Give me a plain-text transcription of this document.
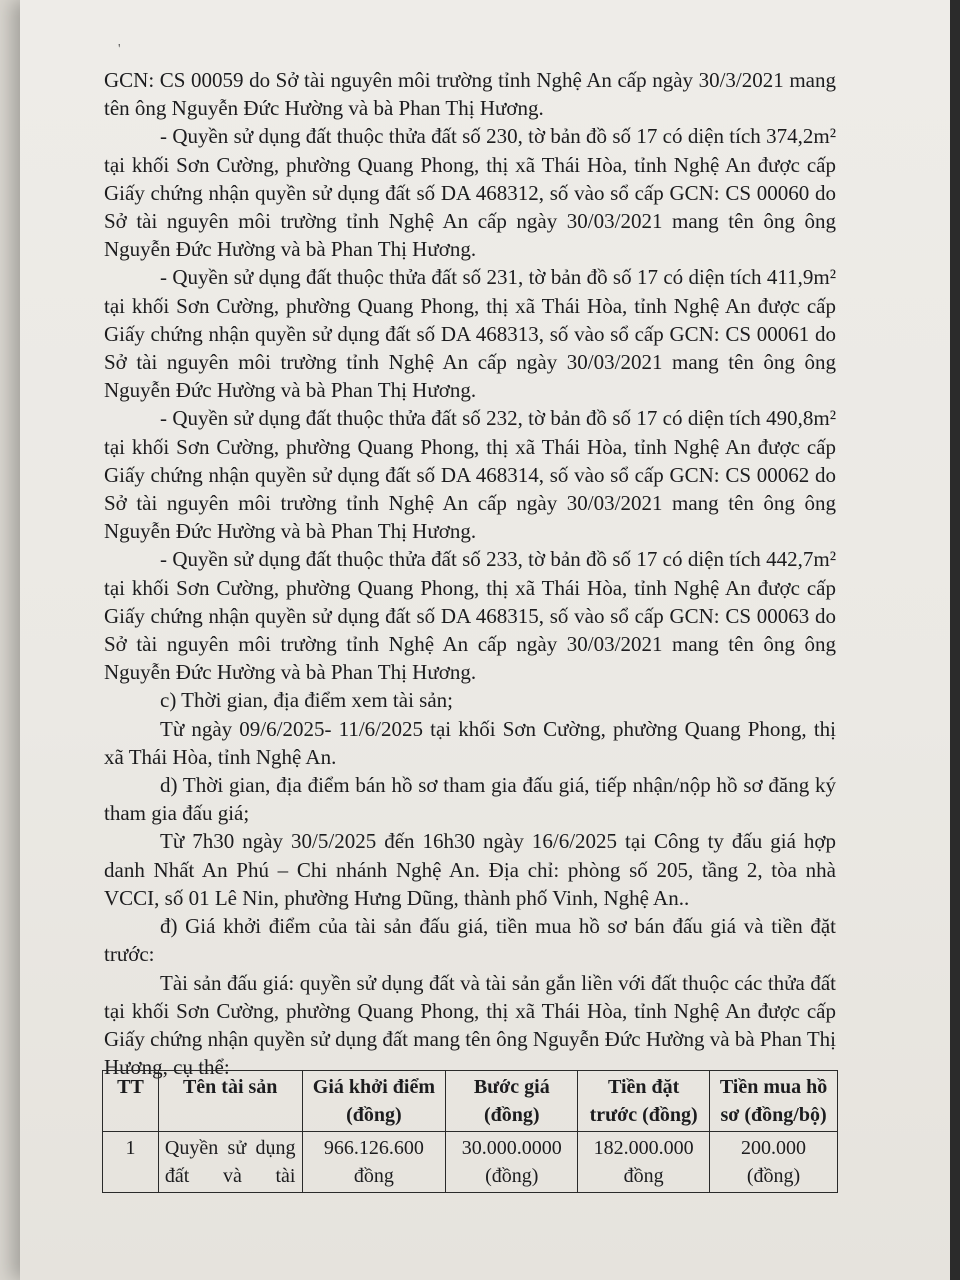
'

GCN: CS 00059 do Sở tài nguyên môi trường tỉnh Nghệ An cấp ngày 30/3/2021 mang tên ông Nguyễn Đức Hường và bà Phan Thị Hương.

- Quyền sử dụng đất thuộc thửa đất số 230, tờ bản đồ số 17 có diện tích 374,2m² tại khối Sơn Cường, phường Quang Phong, thị xã Thái Hòa, tỉnh Nghệ An được cấp Giấy chứng nhận quyền sử dụng đất số DA 468312, số vào sổ cấp GCN: CS 00060 do Sở tài nguyên môi trường tỉnh Nghệ An cấp ngày 30/03/2021 mang tên ông ông Nguyễn Đức Hường và bà Phan Thị Hương.

- Quyền sử dụng đất thuộc thửa đất số 231, tờ bản đồ số 17 có diện tích 411,9m² tại khối Sơn Cường, phường Quang Phong, thị xã Thái Hòa, tỉnh Nghệ An được cấp Giấy chứng nhận quyền sử dụng đất số DA 468313, số vào sổ cấp GCN: CS 00061 do Sở tài nguyên môi trường tỉnh Nghệ An cấp ngày 30/03/2021 mang tên ông ông Nguyễn Đức Hường và bà Phan Thị Hương.

- Quyền sử dụng đất thuộc thửa đất số 232, tờ bản đồ số 17 có diện tích 490,8m² tại khối Sơn Cường, phường Quang Phong, thị xã Thái Hòa, tỉnh Nghệ An được cấp Giấy chứng nhận quyền sử dụng đất số DA 468314, số vào sổ cấp GCN: CS 00062 do Sở tài nguyên môi trường tỉnh Nghệ An cấp ngày 30/03/2021 mang tên ông ông Nguyễn Đức Hường và bà Phan Thị Hương.

- Quyền sử dụng đất thuộc thửa đất số 233, tờ bản đồ số 17 có diện tích 442,7m² tại khối Sơn Cường, phường Quang Phong, thị xã Thái Hòa, tỉnh Nghệ An được cấp Giấy chứng nhận quyền sử dụng đất số DA 468315, số vào sổ cấp GCN: CS 00063 do Sở tài nguyên môi trường tỉnh Nghệ An cấp ngày 30/03/2021 mang tên ông ông Nguyễn Đức Hường và bà Phan Thị Hương.

c) Thời gian, địa điểm xem tài sản;

Từ ngày 09/6/2025- 11/6/2025 tại khối Sơn Cường, phường Quang Phong, thị xã Thái Hòa, tỉnh Nghệ An.

d) Thời gian, địa điểm bán hồ sơ tham gia đấu giá, tiếp nhận/nộp hồ sơ đăng ký tham gia đấu giá;

Từ 7h30 ngày 30/5/2025 đến 16h30 ngày 16/6/2025 tại Công ty đấu giá hợp danh Nhất An Phú – Chi nhánh Nghệ An. Địa chỉ: phòng số 205, tầng 2, tòa nhà VCCI, số 01 Lê Nin, phường Hưng Dũng, thành phố Vinh, Nghệ An..

đ) Giá khởi điểm của tài sản đấu giá, tiền mua hồ sơ bán đấu giá và tiền đặt trước:

Tài sản đấu giá: quyền sử dụng đất và tài sản gắn liền với đất thuộc các thửa đất tại khối Sơn Cường, phường Quang Phong, thị xã Thái Hòa, tỉnh Nghệ An được cấp Giấy chứng nhận quyền sử dụng đất mang tên ông Nguyễn Đức Hường và bà Phan Thị Hương, cụ thể:

TT	Tên tài sản	Giá khởi điểm (đồng)	Bước giá (đồng)	Tiền đặt trước (đồng)	Tiền mua hồ sơ (đồng/bộ)
1	Quyền sử dụng đất và tài	966.126.600 đồng	30.000.0000 (đồng)	182.000.000 đồng	200.000 (đồng)
